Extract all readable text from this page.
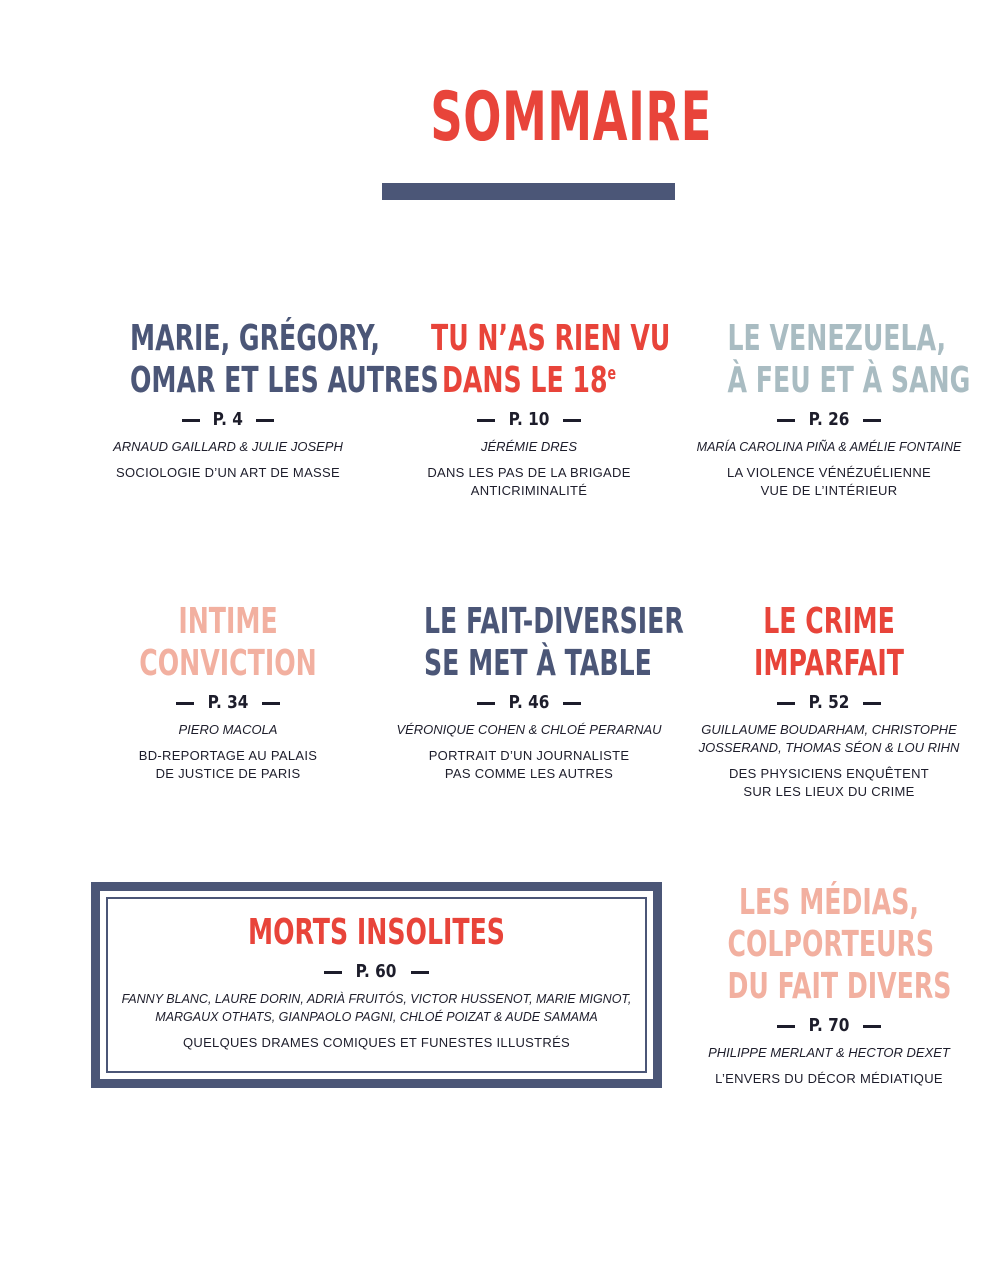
SOMMAIRE
MARIE, GRÉGORY,
OMAR ET LES AUTRES
P. 4
ARNAUD GAILLARD & JULIE JOSEPH
SOCIOLOGIE D’UN ART DE MASSE
TU N’AS RIEN VU
DANS LE 18e
P. 10
JÉRÉMIE DRES
DANS LES PAS DE LA BRIGADE
ANTICRIMINALITÉ
LE VENEZUELA,
À FEU ET À SANG
P. 26
MARÍA CAROLINA PIÑA & AMÉLIE FONTAINE
LA VIOLENCE VÉNÉZUÉLIENNE
VUE DE L’INTÉRIEUR
INTIME
CONVICTION
P. 34
PIERO MACOLA
BD-REPORTAGE AU PALAIS
DE JUSTICE DE PARIS
LE FAIT-DIVERSIER
SE MET À TABLE
P. 46
VÉRONIQUE COHEN & CHLOÉ PERARNAU
PORTRAIT D’UN JOURNALISTE
PAS COMME LES AUTRES
LE CRIME
IMPARFAIT
P. 52
GUILLAUME BOUDARHAM, CHRISTOPHE
JOSSERAND, THOMAS SÉON & LOU RIHN
DES PHYSICIENS ENQUÊTENT
SUR LES LIEUX DU CRIME
MORTS INSOLITES
P. 60
FANNY BLANC, LAURE DORIN, ADRIÀ FRUITÓS, VICTOR HUSSENOT, MARIE MIGNOT,
MARGAUX OTHATS, GIANPAOLO PAGNI, CHLOÉ POIZAT & AUDE SAMAMA
QUELQUES DRAMES COMIQUES ET FUNESTES ILLUSTRÉS
LES MÉDIAS,
COLPORTEURS
DU FAIT DIVERS
P. 70
PHILIPPE MERLANT & HECTOR DEXET
L’ENVERS DU DÉCOR MÉDIATIQUE
